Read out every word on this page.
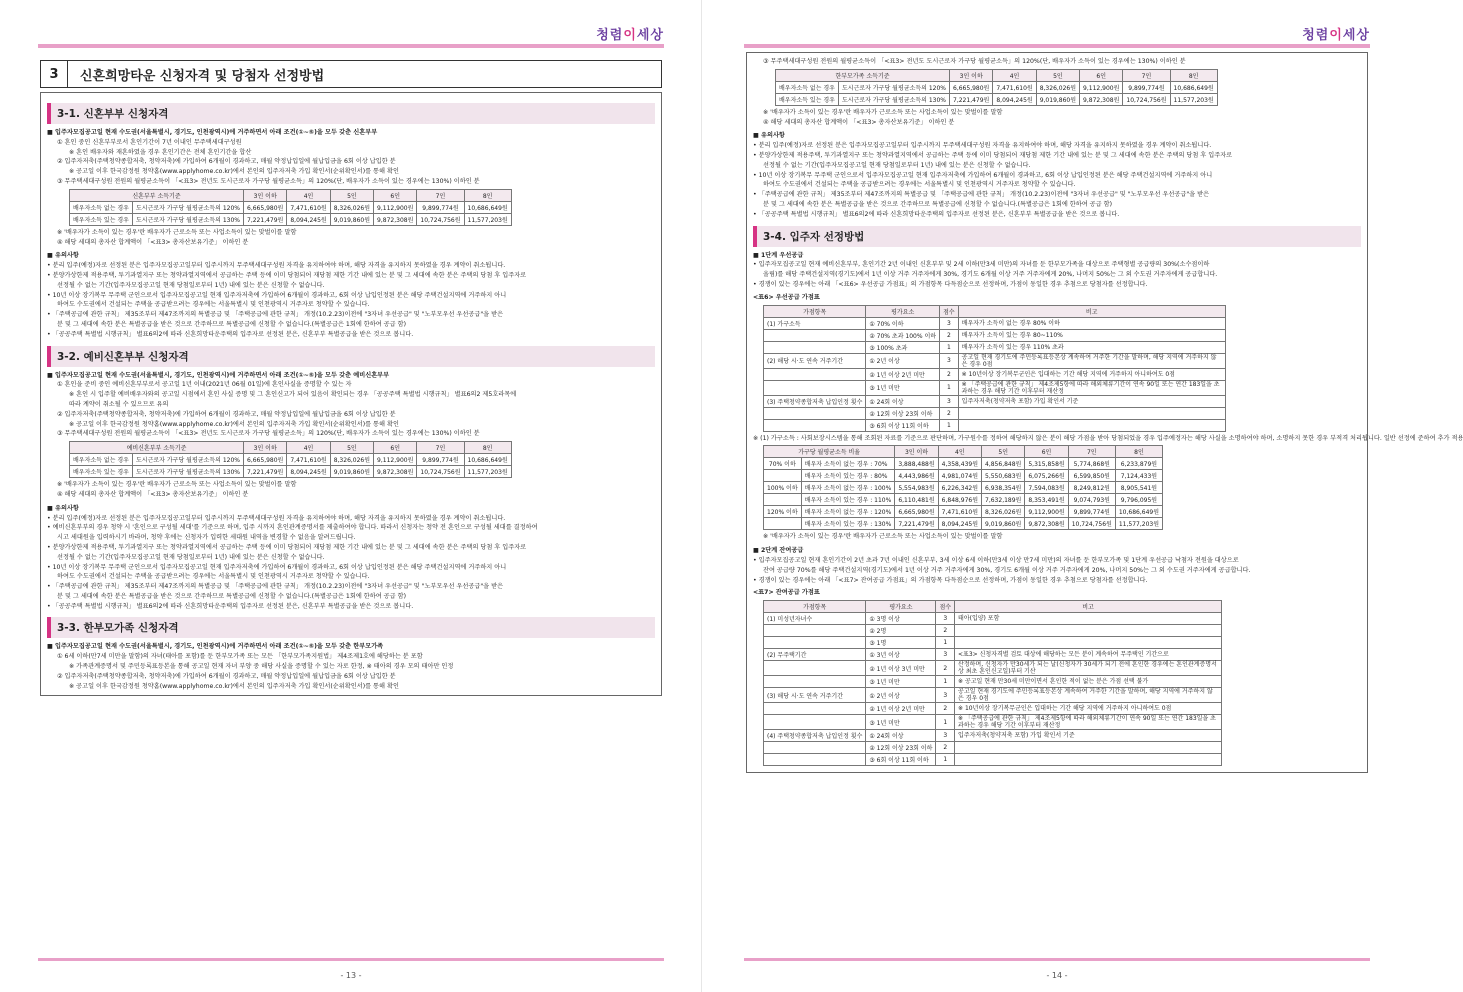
청렴이세상
3	신혼희망타운 신청자격 및 당첨자 선정방법
3-1. 신혼부부 신청자격
■ 입주자모집공고일 현재 수도권(서울특별시, 경기도, 인천광역시)에 거주하면서 아래 조건(①~⑤)을 모두 갖춘 신혼부부
① 혼인 중인 신혼부부로서 혼인기간이 7년 이내인 무주택세대구성원
※ 혼인 배우자와 재혼하였을 경우 혼인기간은 전체 혼인기간을 합산
② 입주자저축(주택청약종합저축, 청약저축)에 가입하여 6개월이 경과하고, 매월 약정납입일에 월납입금을 6회 이상 납입한 분
※ 공고일 이후 한국감정원 청약홈(www.applyhome.co.kr)에서 본인의 입주자저축 가입 확인서(순위확인서)를 통해 확인
③ 무주택세대구성원 전원의 월평균소득이 「<표3> 전년도 도시근로자 가구당 월평균소득」의 120%(단, 배우자가 소득이 있는 경우에는 130%) 이하인 분
신혼부부 소득기준		3인 이하	4인	5인	6인	7인	8인
배우자소득 없는 경우	도시근로자 가구당 월평균소득의 120%	6,665,980원	7,471,610원	8,326,026원	9,112,900원	9,899,774원	10,686,649원
배우자소득 있는 경우	도시근로자 가구당 월평균소득의 130%	7,221,479원	8,094,245원	9,019,860원	9,872,308원	10,724,756원	11,577,203원
※ '배우자가 소득이 있는 경우'란 배우자가 근로소득 또는 사업소득이 있는 맞벌이를 말함
④ 해당 세대의 총자산 합계액이 「<표3> 총자산보유기준」 이하인 분
■ 유의사항
• 분리 입주(예정)자로 선정된 분은 입주자모집공고일부터 입주시까지 무주택세대구성원 자격을 유지하여야 하며, 해당 자격을 유지하지 못하였을 경우 계약이 취소됩니다.
• 분양가상한제 적용주택, 투기과열지구 또는 청약과열지역에서 공급하는 주택 등에 이미 당첨되어 재당첨 제한 기간 내에 있는 분 및 그 세대에 속한 분은 주택의 당첨 후 입주자로
선정될 수 없는 기간(입주자모집공고일 현재 당첨일로부터 1년) 내에 있는 분은 신청할 수 없습니다.
• 10년 이상 장기복무 무주택 군인으로서 입주자모집공고일 현재 입주자저축에 가입하여 6개월이 경과하고, 6회 이상 납입인정된 분은 해당 주택건설지역에 거주하지 아니
하여도 수도권에서 건설되는 주택을 공급받으려는 경우에는 서울특별시 및 인천광역시 거주자로 청약할 수 있습니다.
• 「주택공급에 관한 규칙」 제35조부터 제47조까지의 특별공급 및 「주택공급에 관한 규칙」 개정(10.2.23)이전에 "3자녀 우선공급" 및 "노부모우선 우선공급"을 받은
분 및 그 세대에 속한 분은 특별공급을 받은 것으로 간주하므로 특별공급에 신청할 수 없습니다.(특별공급은 1회에 한하여 공급 함)
• 「공공주택 특별법 시행규칙」 별표6의2에 따라 신혼희망타운주택의 입주자로 선정된 분은, 신혼부부 특별공급을 받은 것으로 봅니다.
3-2. 예비신혼부부 신청자격
■ 입주자모집공고일 현재 수도권(서울특별시, 경기도, 인천광역시)에 거주하면서 아래 조건(①~⑤)을 모두 갖춘 예비신혼부부
① 혼인을 준비 중인 예비신혼부부로서 공고일 1년 이내(2021년 06월 01일)에 혼인사실을 증명할 수 있는 자
※ 혼인 시 입주할 예비배우자와의 공고일 시점에서 혼인 사실 증명 및 그 혼인신고가 되어 있음이 확인되는 경우 「공공주택 특별법 시행규칙」 별표6의2 제5호라목에
따라 계약이 취소될 수 있으므로 유의
② 입주자저축(주택청약종합저축, 청약저축)에 가입하여 6개월이 경과하고, 매월 약정납입일에 월납입금을 6회 이상 납입한 분
※ 공고일 이후 한국감정원 청약홈(www.applyhome.co.kr)에서 본인의 입주자저축 가입 확인서(순위확인서)를 통해 확인
③ 무주택세대구성원 전원의 월평균소득이 「<표3> 전년도 도시근로자 가구당 월평균소득」의 120%(단, 배우자가 소득이 있는 경우에는 130%) 이하인 분
예비신혼부부 소득기준		3인 이하	4인	5인	6인	7인	8인
배우자소득 없는 경우	도시근로자 가구당 월평균소득의 120%	6,665,980원	7,471,610원	8,326,026원	9,112,900원	9,899,774원	10,686,649원
배우자소득 있는 경우	도시근로자 가구당 월평균소득의 130%	7,221,479원	8,094,245원	9,019,860원	9,872,308원	10,724,756원	11,577,203원
※ '배우자가 소득이 있는 경우'란 배우자가 근로소득 또는 사업소득이 있는 맞벌이를 말함
④ 해당 세대의 총자산 합계액이 「<표3> 총자산보유기준」 이하인 분
■ 유의사항
• 분리 입주(예정)자로 선정된 분은 입주자모집공고일부터 입주시까지 무주택세대구성원 자격을 유지하여야 하며, 해당 자격을 유지하지 못하였을 경우 계약이 취소됩니다.
• 예비신혼부부의 경우 청약 시 '혼인으로 구성될 세대'를 기준으로 하며, 입주 시까지 혼인관계증명서를 제출하여야 합니다. 따라서 신청자는 청약 전 혼인으로 구성될 세대를 결정하여
시고 세대원을 입력하시기 바라며, 청약 후에는 신청자가 입력한 세대원 내역을 변경할 수 없음을 알려드립니다.
• 분양가상한제 적용주택, 투기과열지구 또는 청약과열지역에서 공급하는 주택 등에 이미 당첨되어 재당첨 제한 기간 내에 있는 분 및 그 세대에 속한 분은 주택의 당첨 후 입주자로
선정될 수 없는 기간(입주자모집공고일 현재 당첨일로부터 1년) 내에 있는 분은 신청할 수 없습니다.
• 10년 이상 장기복무 무주택 군인으로서 입주자모집공고일 현재 입주자저축에 가입하여 6개월이 경과하고, 6회 이상 납입인정된 분은 해당 주택건설지역에 거주하지 아니
하여도 수도권에서 건설되는 주택을 공급받으려는 경우에는 서울특별시 및 인천광역시 거주자로 청약할 수 있습니다.
• 「주택공급에 관한 규칙」 제35조부터 제47조까지의 특별공급 및 「주택공급에 관한 규칙」 개정(10.2.23)이전에 "3자녀 우선공급" 및 "노부모우선 우선공급"을 받은
분 및 그 세대에 속한 분은 특별공급을 받은 것으로 간주하므로 특별공급에 신청할 수 없습니다.(특별공급은 1회에 한하여 공급 함)
• 「공공주택 특별법 시행규칙」 별표6의2에 따라 신혼희망타운주택의 입주자로 선정된 분은, 신혼부부 특별공급을 받은 것으로 봅니다.
3-3. 한부모가족 신청자격
■ 입주자모집공고일 현재 수도권(서울특별시, 경기도, 인천광역시)에 거주하면서 아래 조건(①~⑤)을 모두 갖춘 한부모가족
① 6세 이하(만7세 미만을 말함)의 자녀(태아를 포함)를 둔 한부모가족 또는 모든 「한부모가족지원법」 제4조제1호에 해당하는 분 포함
※ 가족관계증명서 및 주민등록표등본을 통해 공고일 현재 자녀 부양 중 해당 사실을 증명할 수 있는 자로 한정, ※ 태아의 경우 모의 태아만 인정
② 입주자저축(주택청약종합저축, 청약저축)에 가입하여 6개월이 경과하고, 매월 약정납입일에 월납입금을 6회 이상 납입한 분
※ 공고일 이후 한국감정원 청약홈(www.applyhome.co.kr)에서 본인의 입주자저축 가입 확인서(순위확인서)를 통해 확인
- 13 -
청렴이세상
③ 무주택세대구성원 전원의 월평균소득이 「<표3> 전년도 도시근로자 가구당 월평균소득」의 120%(단, 배우자가 소득이 있는 경우에는 130%) 이하인 분
한부모가족 소득기준		3인 이하	4인	5인	6인	7인	8인
배우자소득 없는 경우	도시근로자 가구당 월평균소득의 120%	6,665,980원	7,471,610원	8,326,026원	9,112,900원	9,899,774원	10,686,649원
배우자소득 있는 경우	도시근로자 가구당 월평균소득의 130%	7,221,479원	8,094,245원	9,019,860원	9,872,308원	10,724,756원	11,577,203원
※ '배우자가 소득이 있는 경우'란 배우자가 근로소득 또는 사업소득이 있는 맞벌이를 말함
④ 해당 세대의 총자산 합계액이 「<표3> 총자산보유기준」 이하인 분
■ 유의사항
• 분리 입주(예정)자로 선정된 분은 입주자모집공고일부터 입주시까지 무주택세대구성원 자격을 유지하여야 하며, 해당 자격을 유지하지 못하였을 경우 계약이 취소됩니다.
• 분양가상한제 적용주택, 투기과열지구 또는 청약과열지역에서 공급하는 주택 등에 이미 당첨되어 재당첨 제한 기간 내에 있는 분 및 그 세대에 속한 분은 주택의 당첨 후 입주자로
선정될 수 없는 기간(입주자모집공고일 현재 당첨일로부터 1년) 내에 있는 분은 신청할 수 없습니다.
• 10년 이상 장기복무 무주택 군인으로서 입주자모집공고일 현재 입주자저축에 가입하여 6개월이 경과하고, 6회 이상 납입인정된 분은 해당 주택건설지역에 거주하지 아니
하여도 수도권에서 건설되는 주택을 공급받으려는 경우에는 서울특별시 및 인천광역시 거주자로 청약할 수 있습니다.
• 「주택공급에 관한 규칙」 제35조부터 제47조까지의 특별공급 및 「주택공급에 관한 규칙」 개정(10.2.23)이전에 "3자녀 우선공급" 및 "노부모우선 우선공급"을 받은
분 및 그 세대에 속한 분은 특별공급을 받은 것으로 간주하므로 특별공급에 신청할 수 없습니다.(특별공급은 1회에 한하여 공급 함)
• 「공공주택 특별법 시행규칙」 별표6의2에 따라 신혼희망타운주택의 입주자로 선정된 분은, 신혼부부 특별공급을 받은 것으로 봅니다.
3-4. 입주자 선정방법
■ 1단계 우선공급
• 입주자모집공고일 현재 예비신혼부부, 혼인기간 2년 이내인 신혼부부 및 2세 이하(만3세 미만)의 자녀를 둔 한부모가족을 대상으로 주택형별 공급량의 30%(소수점이하
올림)를 해당 주택건설지역(경기도)에서 1년 이상 거주 거주자에게 30%, 경기도 6개월 이상 거주 거주자에게 20%, 나머지 50%는 그 외 수도권 거주자에게 공급합니다.
• 경쟁이 있는 경우에는 아래 「<표6> 우선공급 가점표」의 가점항목 다득점순으로 선정하며, 가점이 동일한 경우 추첨으로 당첨자를 선정합니다.
<표6> 우선공급 가점표
가점항목	평가요소	점수	비고
(1) 가구소득	① 70% 이하	3	배우자가 소득이 없는 경우 80% 이하
	② 70% 초과 100% 이하	2	배우자가 소득이 있는 경우 80~110%
	③ 100% 초과	1	배우자가 소득이 있는 경우 110% 초과
(2) 해당 시·도 연속 거주기간	① 2년 이상	3	공고일 현재 경기도에 주민등록표등본상 계속하여 거주한 기간을 말하며, 해당 지역에 거주하지 않은 경우 0점
	② 1년 이상 2년 미만	2	※ 10년이상 장기복무군인은 입대하는 기간 해당 지역에 거주하지 아니하여도 0점
	③ 1년 미만	1	※ 「주택공급에 관한 규칙」 제4조제5항에 따라 해외체류기간이 연속 90일 또는 연간 183일을 초과하는 경우 해당 기간 이후부터 재산정
(3) 주택청약종합저축 납입인정 횟수	① 24회 이상	3	입주자저축(청약저축 포함) 가입 확인서 기준
	② 12회 이상 23회 이하	2	
	③ 6회 이상 11회 이하	1	
※ (1) 가구소득 : 사회보장시스템을 통해 조회된 자료를 기준으로 판단하며, 가구원수를 정하여 해당하지 않은 분이 해당 가점을 받아 당첨되었을 경우 입주예정자는 해당 사실을 소명하여야 하며, 소명하지 못한 경우 부적격 처리됩니다. 일반 선정에 준하여 추가 적용
가구당 월평균소득 비율		3인 이하	4인	5인	6인	7인	8인
70% 이하	배우자 소득이 없는 경우 : 70%	3,888,488원	4,358,439원	4,856,848원	5,315,858원	5,774,868원	6,233,879원
	배우자 소득이 있는 경우 : 80%	4,443,986원	4,981,074원	5,550,683원	6,075,266원	6,599,850원	7,124,433원
100% 이하	배우자 소득이 없는 경우 : 100%	5,554,983원	6,226,342원	6,938,354원	7,594,083원	8,249,812원	8,905,541원
	배우자 소득이 있는 경우 : 110%	6,110,481원	6,848,976원	7,632,189원	8,353,491원	9,074,793원	9,796,095원
120% 이하	배우자 소득이 없는 경우 : 120%	6,665,980원	7,471,610원	8,326,026원	9,112,900원	9,899,774원	10,686,649원
	배우자 소득이 있는 경우 : 130%	7,221,479원	8,094,245원	9,019,860원	9,872,308원	10,724,756원	11,577,203원
※ '배우자가 소득이 있는 경우'란 배우자가 근로소득 또는 사업소득이 있는 맞벌이를 말함
■ 2단계 잔여공급
• 입주자모집공고일 현재 혼인기간이 2년 초과 7년 이내인 신혼부부, 3세 이상 6세 이하(만3세 이상 만7세 미만)의 자녀를 둔 한부모가족 및 1단계 우선공급 낙첨자 전원을 대상으로
잔여 공급량 70%를 해당 주택건설지역(경기도)에서 1년 이상 거주 거주자에게 30%, 경기도 6개월 이상 거주 거주자에게 20%, 나머지 50%는 그 외 수도권 거주자에게 공급합니다.
• 경쟁이 있는 경우에는 아래 「<표7> 잔여공급 가점표」의 가점항목 다득점순으로 선정하며, 가점이 동일한 경우 추첨으로 당첨자를 선정합니다.
<표7> 잔여공급 가점표
가점항목	평가요소	점수	비고
(1) 미성년자녀수	① 3명 이상	3	태아(입양) 포함
	② 2명	2	
	③ 1명	1	
(2) 무주택기간	① 3년 이상	3	<표3> 신청자격별 검토 대상에 해당하는 모든 분이 계속하여 무주택인 기간으로
	② 1년 이상 3년 미만	2	산정하며, 신청자가 만30세가 되는 날(신청자가 30세가 되기 전에 혼인한 경우에는 혼인관계증명서 상 최초 혼인신고일)부터 기산
	③ 1년 미만	1	※ 공고일 현재 만30세 미만이면서 혼인한 적이 없는 분은 가점 선택 불가
(3) 해당 시·도 연속 거주기간	① 2년 이상	3	공고일 현재 경기도에 주민등록표등본상 계속하여 거주한 기간을 말하며, 해당 지역에 거주하지 않은 경우 0점
	② 1년 이상 2년 미만	2	※ 10년이상 장기복무군인은 입대하는 기간 해당 지역에 거주하지 아니하여도 0점
	③ 1년 미만	1	※ 「주택공급에 관한 규칙」 제4조제5항에 따라 해외체류기간이 연속 90일 또는 연간 183일을 초과하는 경우 해당 기간 이후부터 재산정
(4) 주택청약종합저축 납입인정 횟수	① 24회 이상	3	입주자저축(청약저축 포함) 가입 확인서 기준
	② 12회 이상 23회 이하	2	
	③ 6회 이상 11회 이하	1	
- 14 -
